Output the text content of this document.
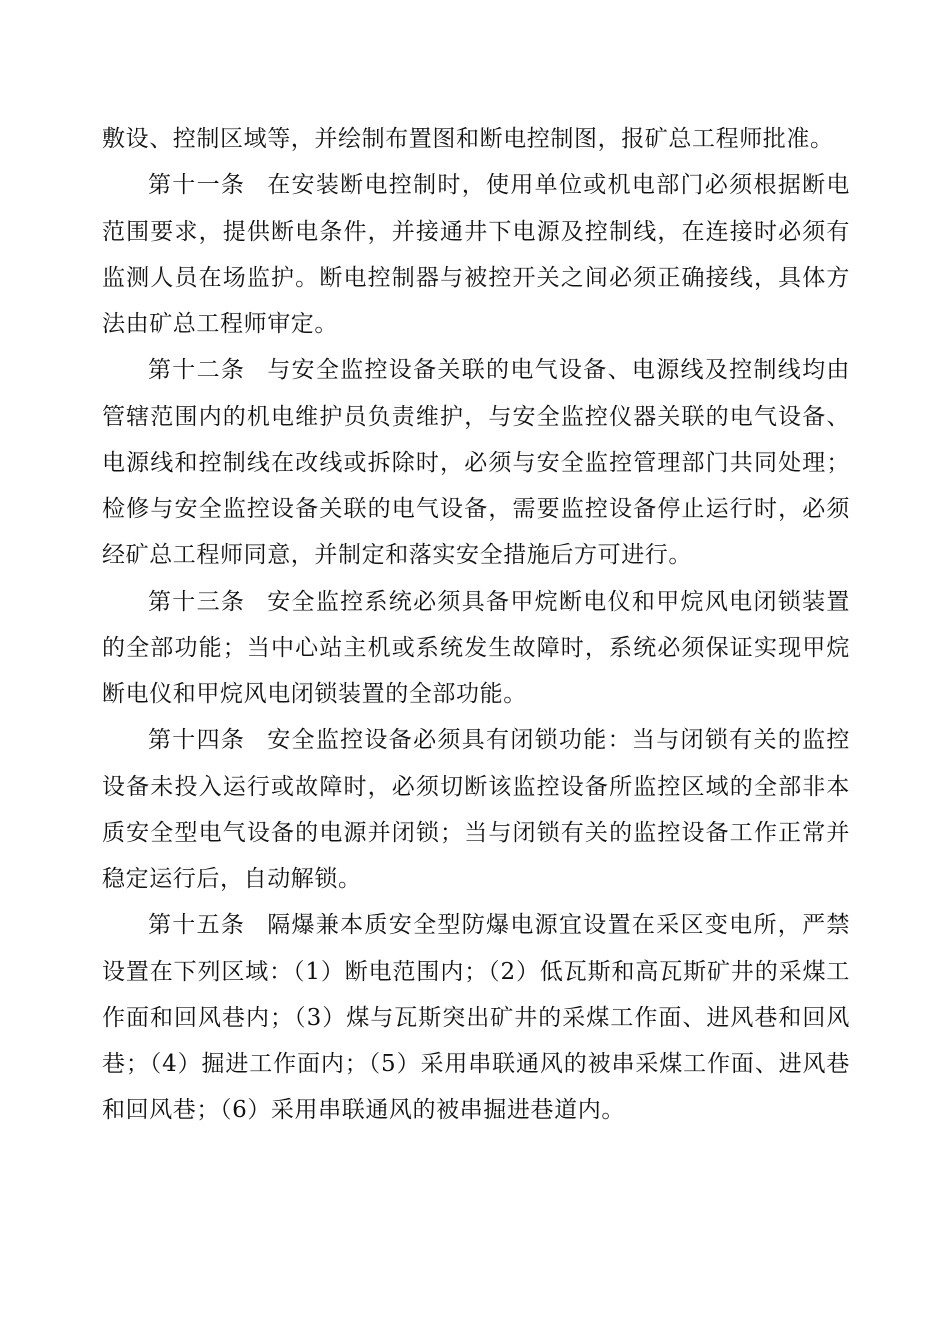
敷设、控制区域等，并绘制布置图和断电控制图，报矿总工程师批准。

第十一条 在安装断电控制时，使用单位或机电部门必须根据断电范围要求，提供断电条件，并接通井下电源及控制线，在连接时必须有监测人员在场监护。断电控制器与被控开关之间必须正确接线，具体方法由矿总工程师审定。

第十二条 与安全监控设备关联的电气设备、电源线及控制线均由管辖范围内的机电维护员负责维护，与安全监控仪器关联的电气设备、电源线和控制线在改线或拆除时，必须与安全监控管理部门共同处理；检修与安全监控设备关联的电气设备，需要监控设备停止运行时，必须经矿总工程师同意，并制定和落实安全措施后方可进行。

第十三条 安全监控系统必须具备甲烷断电仪和甲烷风电闭锁装置的全部功能；当中心站主机或系统发生故障时，系统必须保证实现甲烷断电仪和甲烷风电闭锁装置的全部功能。

第十四条 安全监控设备必须具有闭锁功能：当与闭锁有关的监控设备未投入运行或故障时，必须切断该监控设备所监控区域的全部非本质安全型电气设备的电源并闭锁；当与闭锁有关的监控设备工作正常并稳定运行后，自动解锁。

第十五条 隔爆兼本质安全型防爆电源宜设置在采区变电所，严禁设置在下列区域：（1）断电范围内；（2）低瓦斯和高瓦斯矿井的采煤工作面和回风巷内；（3）煤与瓦斯突出矿井的采煤工作面、进风巷和回风巷；（4）掘进工作面内；（5）采用串联通风的被串采煤工作面、进风巷和回风巷；（6）采用串联通风的被串掘进巷道内。
